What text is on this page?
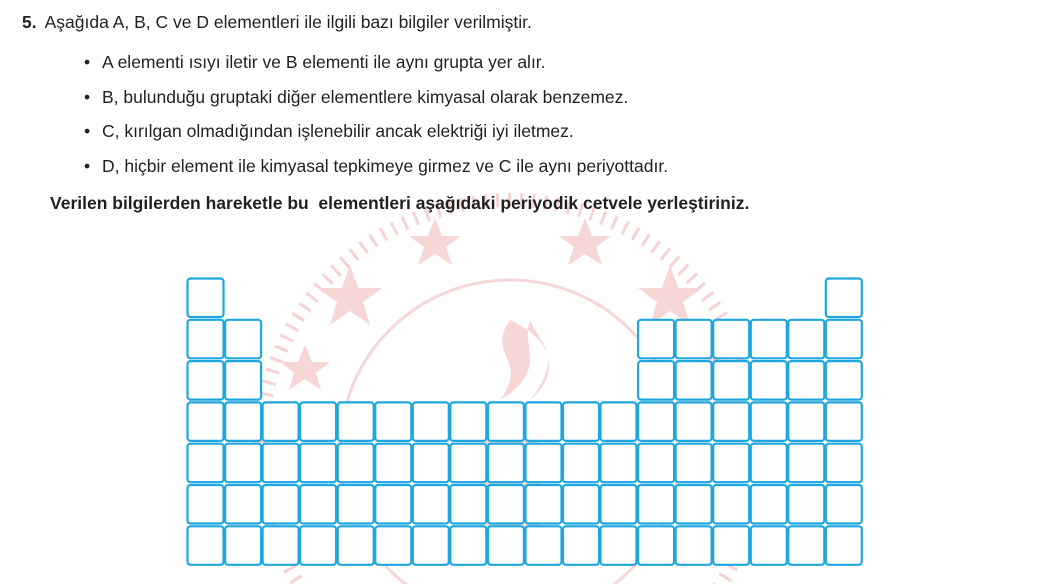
5. Aşağıda A, B, C ve D elementleri ile ilgili bazı bilgiler verilmiştir.
• A elementi ısıyı iletir ve B elementi ile aynı grupta yer alır.
• B, bulunduğu gruptaki diğer elementlere kimyasal olarak benzemez.
• C, kırılgan olmadığından işlenebilir ancak elektriği iyi iletmez.
• D, hiçbir element ile kimyasal tepkimeye girmez ve C ile aynı periyottadır.
Verilen bilgilerden hareketle bu  elementleri aşağıdaki periyodik cetvele yerleştiriniz.
